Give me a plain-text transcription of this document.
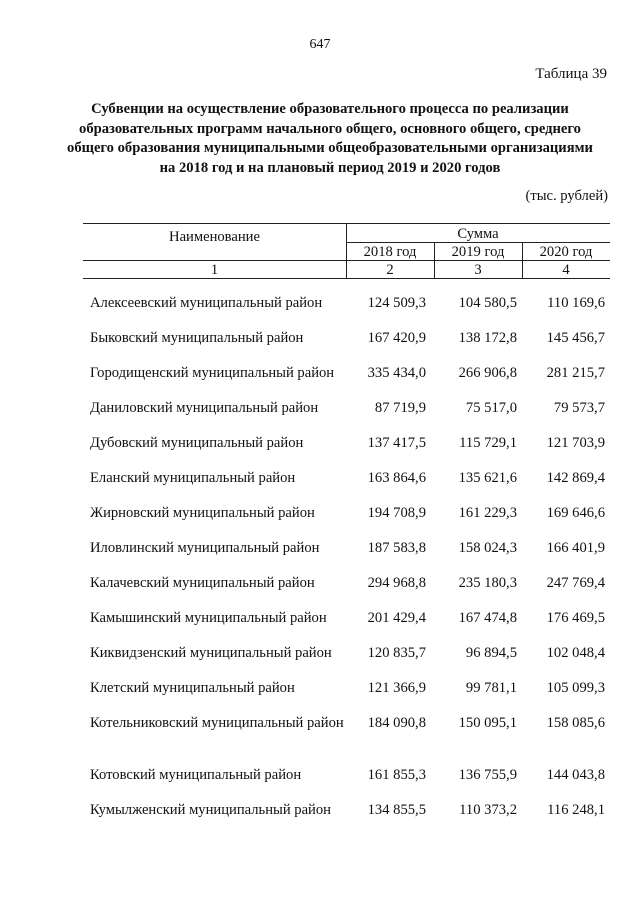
647
Таблица 39
Субвенции на осуществление образовательного процесса по реализации образовательных программ начального общего, основного общего, среднего общего образования муниципальными общеобразовательными организациями на 2018 год и на плановый период 2019 и 2020 годов
(тыс. рублей)
Наименование	Сумма
2018 год	2019 год	2020 год
1	2	3	4
Алексеевский муниципальный район	124 509,3	104 580,5	110 169,6
Быковский муниципальный район	167 420,9	138 172,8	145 456,7
Городищенский муниципальный район	335 434,0	266 906,8	281 215,7
Даниловский муниципальный район	87 719,9	75 517,0	79 573,7
Дубовский муниципальный район	137 417,5	115 729,1	121 703,9
Еланский муниципальный район	163 864,6	135 621,6	142 869,4
Жирновский муниципальный район	194 708,9	161 229,3	169 646,6
Иловлинский муниципальный район	187 583,8	158 024,3	166 401,9
Калачевский муниципальный район	294 968,8	235 180,3	247 769,4
Камышинский муниципальный район	201 429,4	167 474,8	176 469,5
Киквидзенский муниципальный район	120 835,7	96 894,5	102 048,4
Клетский муниципальный район	121 366,9	99 781,1	105 099,3
Котельниковский муниципальный район	184 090,8	150 095,1	158 085,6
Котовский муниципальный район	161 855,3	136 755,9	144 043,8
Кумылженский муниципальный район	134 855,5	110 373,2	116 248,1
